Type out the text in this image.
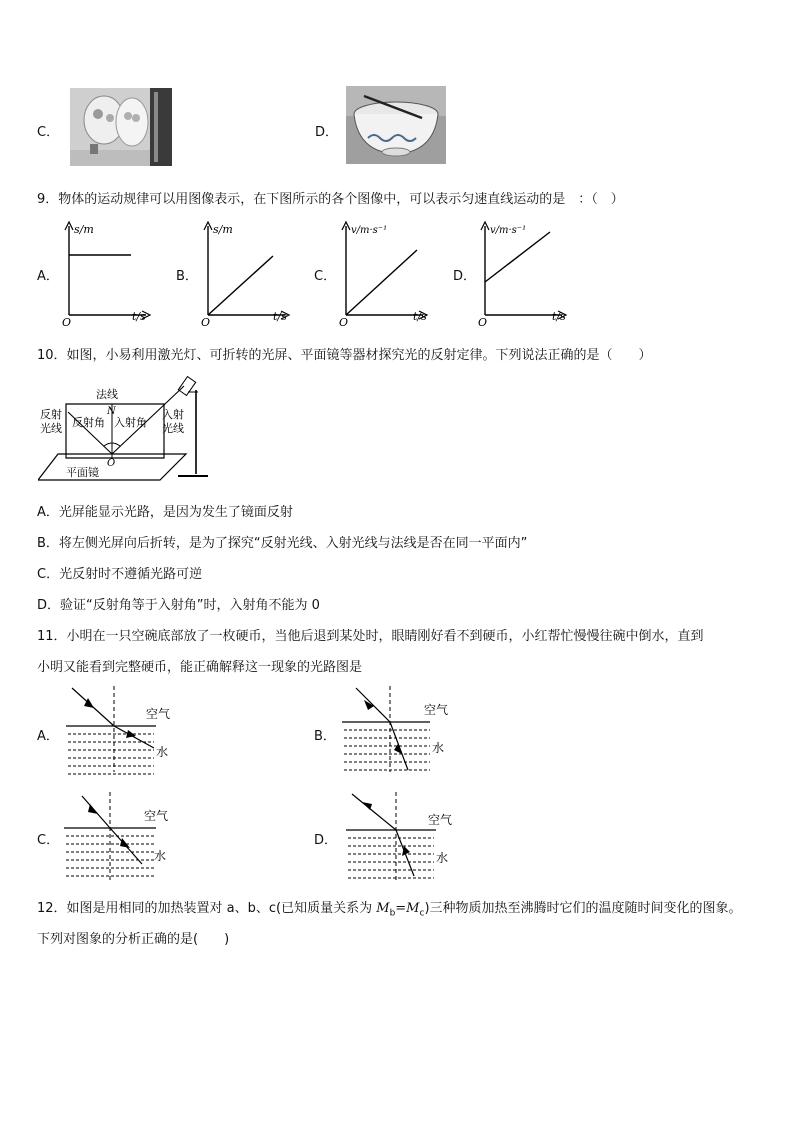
C．	D．
9．物体的运动规律可以用图像表示，在下图所示的各个图像中，可以表示匀速直线运动的是　：（　）
A．
s/m
t/s
O
B．
s/m
t/s
O
C．
v/m·s⁻¹
t/s
O
D．
v/m·s⁻¹
t/s
O
10．如图，小易利用激光灯、可折转的光屏、平面镜等器材探究光的反射定律。下列说法正确的是（　　）
法线
N
反射
光线 反射角 入射角
入射
光线
O
平面镜
A．光屏能显示光路，是因为发生了镜面反射
B．将左侧光屏向后折转，是为了探究“反射光线、入射光线与法线是否在同一平面内”
C．光反射时不遵循光路可逆
D．验证“反射角等于入射角”时，入射角不能为 0
11．小明在一只空碗底部放了一枚硬币，当他后退到某处时，眼睛刚好看不到硬币，小红帮忙慢慢往碗中倒水，直到
小明又能看到完整硬币，能正确解释这一现象的光路图是
A．
空气
水
B．
空气
水
C．
空气
水
D．
空气
水
12．如图是用相同的加热装置对 a、b、c(已知质量关系为 $M_b=M_c$)三种物质加热至沸腾时它们的温度随时间变化的图象。
下列对图象的分析正确的是(　　)
